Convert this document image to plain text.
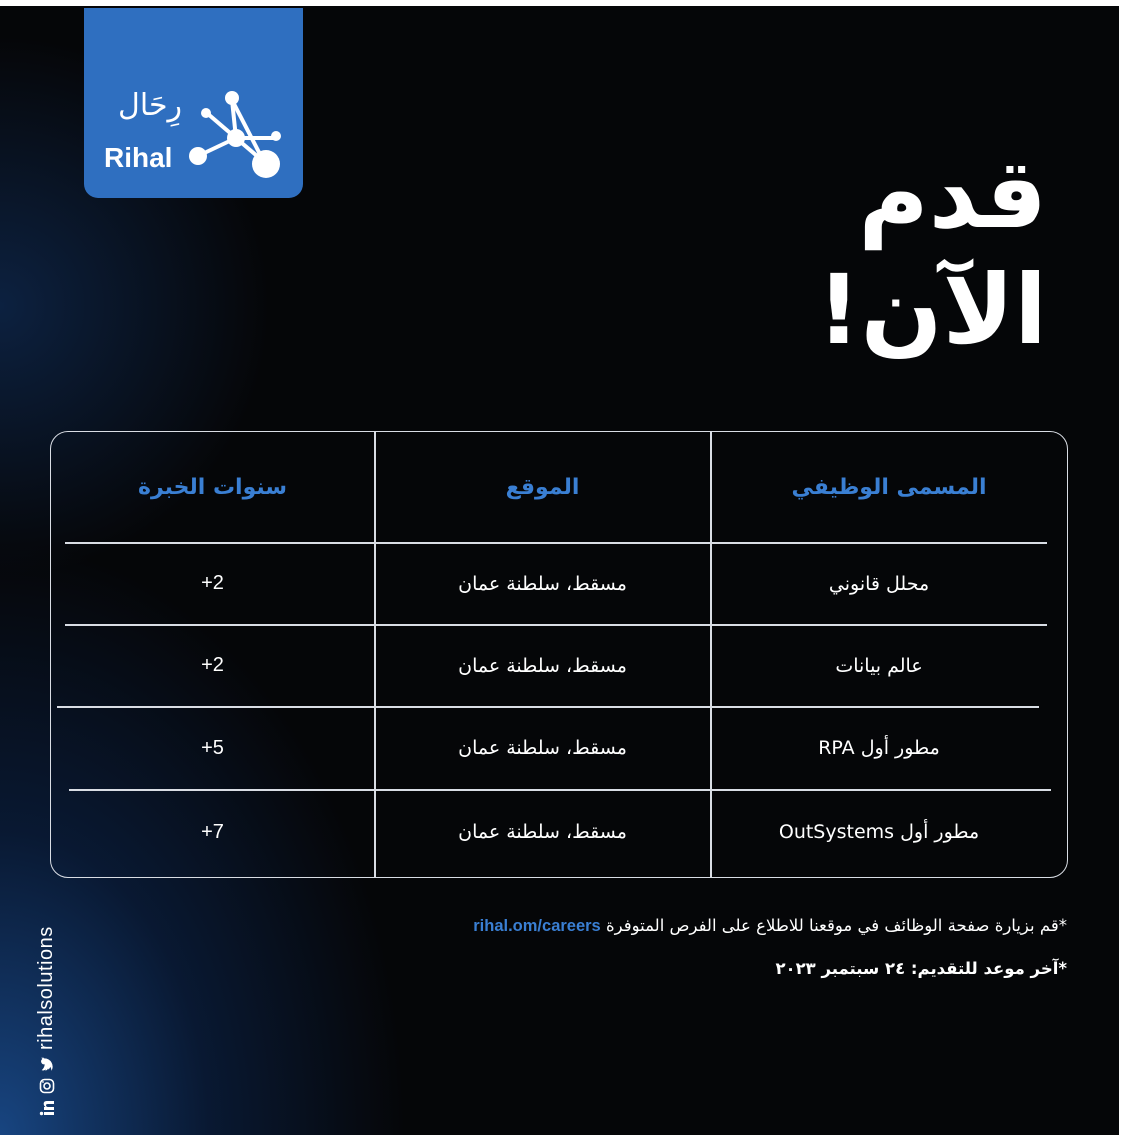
رِحَال
Rihal	قدم
الآن!
المسمى الوظيفي
الموقع
سنوات الخبرة
محلل قانوني
مسقط، سلطنة عمان
+2
عالم بيانات
مسقط، سلطنة عمان
+2
مطور أول RPA
مسقط، سلطنة عمان
+5
مطور أول OutSystems
مسقط، سلطنة عمان
+7
*قم بزيارة صفحة الوظائف في موقعنا للاطلاع على الفرص المتوفرة rihal.om/careers
*آخر موعد للتقديم: ٢٤ سبتمبر ٢٠٢٣
rihalsolutions
